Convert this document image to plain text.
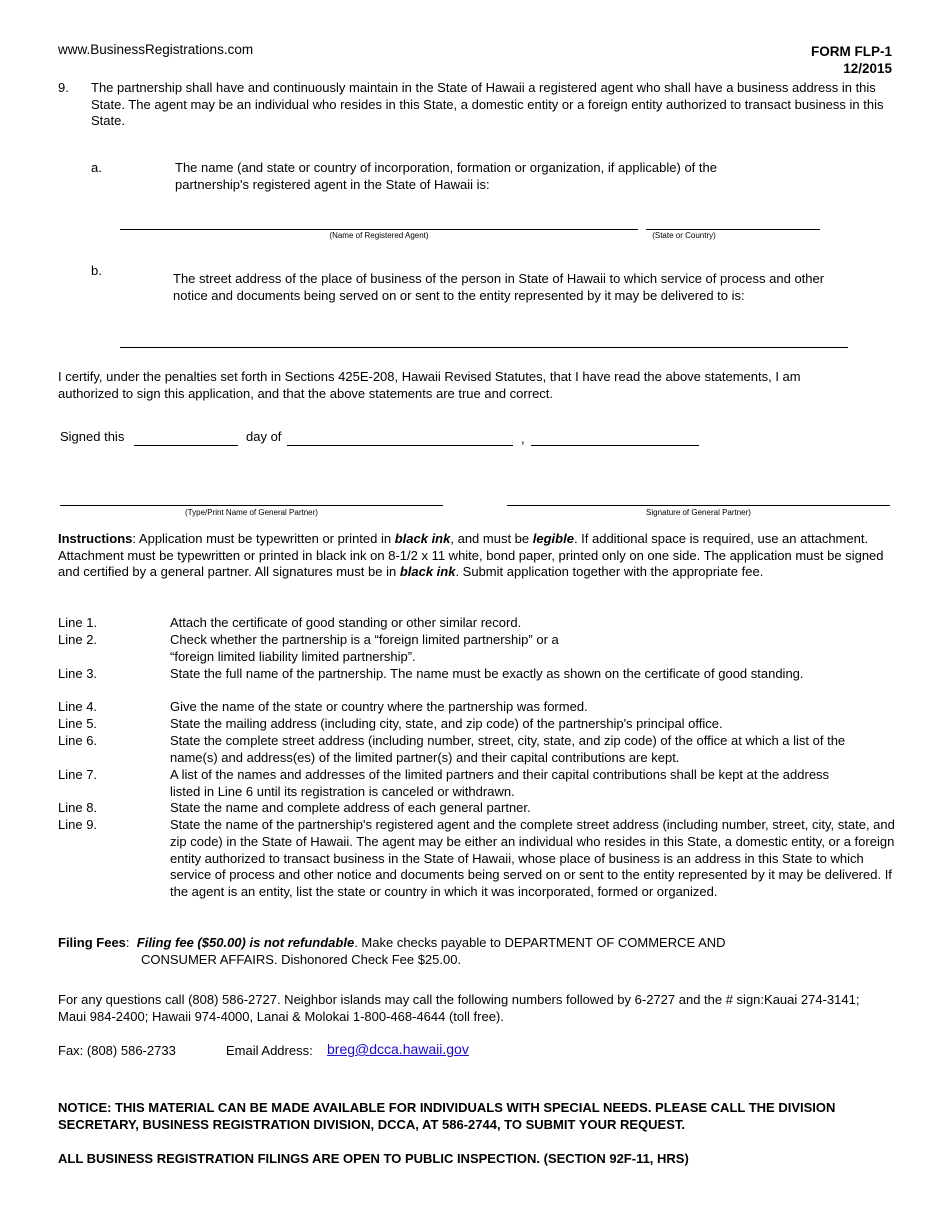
www.BusinessRegistrations.com	FORM FLP-1
12/2015
9. The partnership shall have and continuously maintain in the State of Hawaii a registered agent who shall have a business address in this State. The agent may be an individual who resides in this State, a domestic entity or a foreign entity authorized to transact business in this State.

a.	The name (and state or country of incorporation, formation or organization, if applicable) of the partnership's registered agent in the State of Hawaii is:

(Name of Registered Agent)	(State or Country)
b.

The street address of the place of business of the person in State of Hawaii to which service of process and other notice and documents being served on or sent to the entity represented by it may be delivered to is:

I certify, under the penalties set forth in Sections 425E-208, Hawaii Revised Statutes, that I have read the above statements, I am authorized to sign this application, and that the above statements are true and correct.

Signed this	day of	,
(Type/Print Name of General Partner)	Signature of General Partner)

Instructions: Application must be typewritten or printed in black ink, and must be legible. If additional space is required, use an attachment. Attachment must be typewritten or printed in black ink on 8-1/2 x 11 white, bond paper, printed only on one side. The application must be signed and certified by a general partner. All signatures must be in black ink. Submit application together with the appropriate fee.

Line 1.	Attach the certificate of good standing or other similar record.
Line 2.	Check whether the partnership is a “foreign limited partnership” or a
“foreign limited liability limited partnership”.
Line 3.	State the full name of the partnership. The name must be exactly as shown on the certificate of good standing.
Line 4.	Give the name of the state or country where the partnership was formed.
Line 5.	State the mailing address (including city, state, and zip code) of the partnership's principal office.
Line 6.	State the complete street address (including number, street, city, state, and zip code) of the office at which a list of the name(s) and address(es) of the limited partner(s) and their capital contributions are kept.
Line 7.	A list of the names and addresses of the limited partners and their capital contributions shall be kept at the address listed in Line 6 until its registration is canceled or withdrawn.
Line 8.	State the name and complete address of each general partner.
Line 9.	State the name of the partnership's registered agent and the complete street address (including number, street, city, state, and zip code) in the State of Hawaii. The agent may be either an individual who resides in this State, a domestic entity, or a foreign entity authorized to transact business in the State of Hawaii, whose place of business is an address in this State to which service of process and other notice and documents being served on or sent to the entity represented by it may be delivered. If the agent is an entity, list the state or country in which it was incorporated, formed or organized.
Filing Fees: Filing fee ($50.00) is not refundable. Make checks payable to DEPARTMENT OF COMMERCE AND
CONSUMER AFFAIRS. Dishonored Check Fee $25.00.

For any questions call (808) 586-2727. Neighbor islands may call the following numbers followed by 6-2727 and the # sign:Kauai 274-3141; Maui 984-2400; Hawaii 974-4000, Lanai & Molokai 1-800-468-4644 (toll free).

Fax: (808) 586-2733	Email Address: breg@dcca.hawaii.gov

NOTICE: THIS MATERIAL CAN BE MADE AVAILABLE FOR INDIVIDUALS WITH SPECIAL NEEDS. PLEASE CALL THE DIVISION SECRETARY, BUSINESS REGISTRATION DIVISION, DCCA, AT 586-2744, TO SUBMIT YOUR REQUEST.

ALL BUSINESS REGISTRATION FILINGS ARE OPEN TO PUBLIC INSPECTION. (SECTION 92F-11, HRS)
